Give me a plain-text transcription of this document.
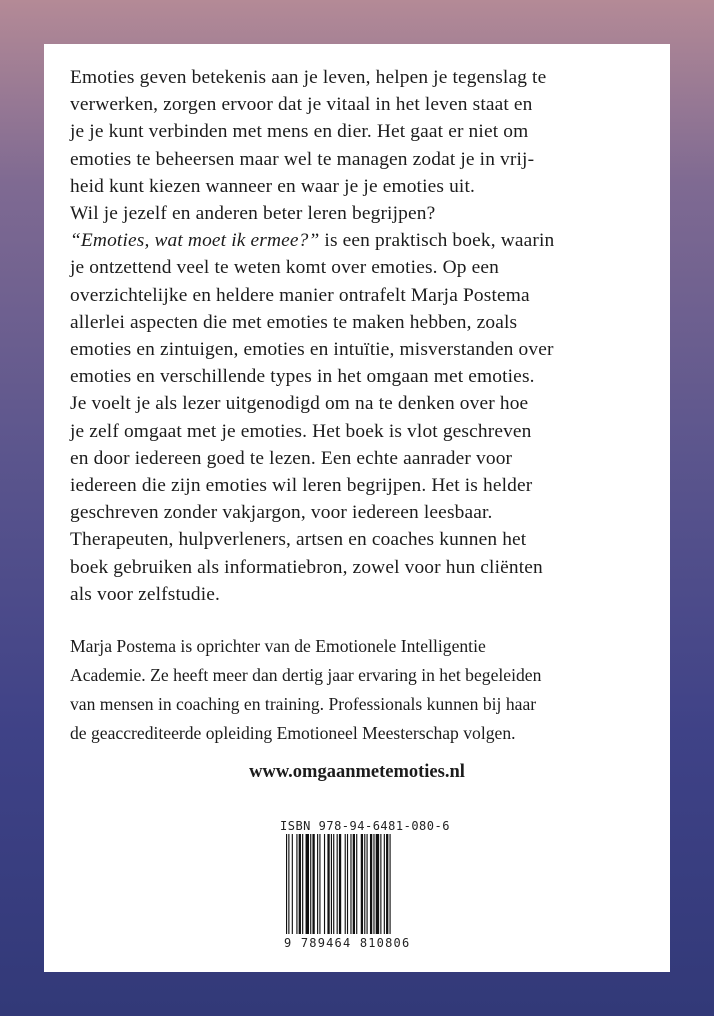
Emoties geven betekenis aan je leven, helpen je tegenslag te
verwerken, zorgen ervoor dat je vitaal in het leven staat en
je je kunt verbinden met mens en dier. Het gaat er niet om
emoties te beheersen maar wel te managen zodat je in vrij-
heid kunt kiezen wanneer en waar je je emoties uit.
Wil je jezelf en anderen beter leren begrijpen?

“Emoties, wat moet ik ermee?” is een praktisch boek, waarin
je ontzettend veel te weten komt over emoties. Op een
overzichtelijke en heldere manier ontrafelt Marja Postema
allerlei aspecten die met emoties te maken hebben, zoals
emoties en zintuigen, emoties en intuïtie, misverstanden over
emoties en verschillende types in het omgaan met emoties.
Je voelt je als lezer uitgenodigd om na te denken over hoe
je zelf omgaat met je emoties. Het boek is vlot geschreven
en door iedereen goed te lezen. Een echte aanrader voor
iedereen die zijn emoties wil leren begrijpen. Het is helder
geschreven zonder vakjargon, voor iedereen leesbaar.
Therapeuten, hulpverleners, artsen en coaches kunnen het
boek gebruiken als informatiebron, zowel voor hun cliënten
als voor zelfstudie.

Marja Postema is oprichter van de Emotionele Intelligentie
Academie. Ze heeft meer dan dertig jaar ervaring in het begeleiden
van mensen in coaching en training. Professionals kunnen bij haar
de geaccrediteerde opleiding Emotioneel Meesterschap volgen.
www.omgaanmetemoties.nl
ISBN 978-94-6481-080-6
9 789464 810806
